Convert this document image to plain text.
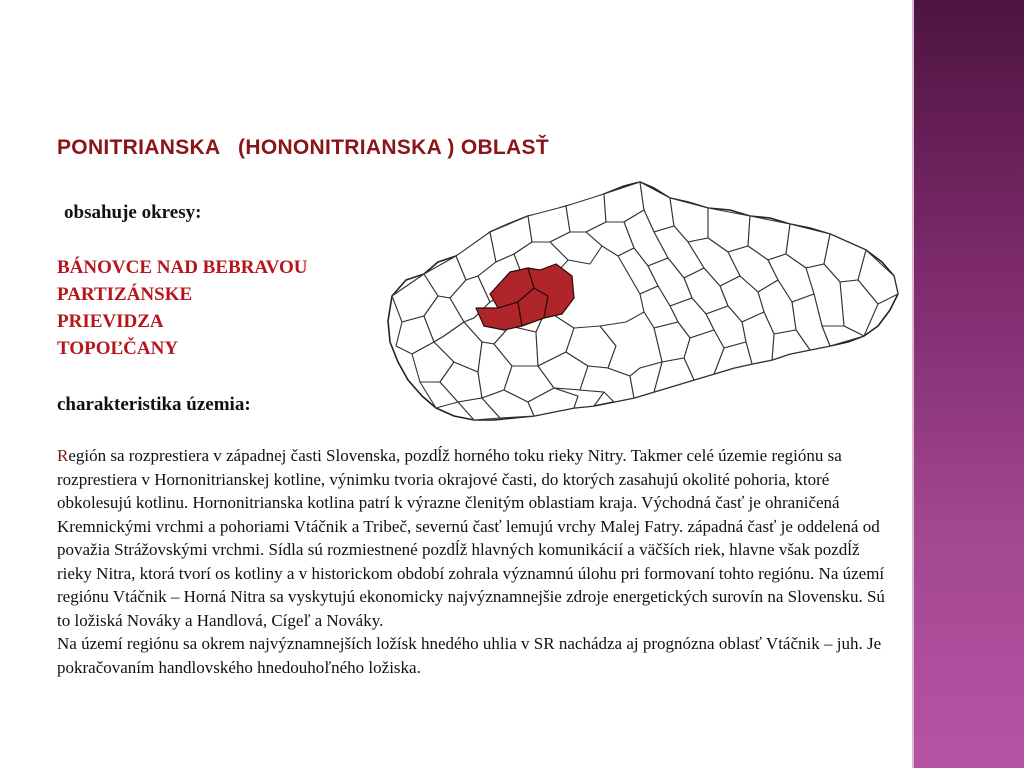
PONITRIANSKA   (HONONITRIANSKA ) OBLASŤ
obsahuje okresy:
BÁNOVCE NAD BEBRAVOU
PARTIZÁNSKE
PRIEVIDZA
TOPOĽČANY
charakteristika územia:

Región sa rozprestiera v západnej časti Slovenska, pozdĺž horného toku rieky Nitry. Takmer celé územie regiónu sa rozprestiera v Hornonitrianskej kotline, výnimku tvoria okrajové časti, do ktorých zasahujú okolité pohoria, ktoré obkolesujú kotlinu. Hornonitrianska kotlina patrí k výrazne členitým oblastiam kraja. Východná časť je ohraničená Kremnickými vrchmi a pohoriami Vtáčnik a Tribeč, severnú časť lemujú vrchy Malej Fatry. západná časť je oddelená od považia Strážovskými vrchmi. Sídla sú rozmiestnené pozdĺž hlavných komunikácií a väčších riek, hlavne však pozdĺž rieky Nitra, ktorá tvorí os kotliny a v historickom období zohrala významnú úlohu pri formovaní tohto regiónu. Na území regiónu Vtáčnik – Horná Nitra sa vyskytujú ekonomicky najvýznamnejšie zdroje energetických surovín na Slovensku. Sú to ložiská Nováky a Handlová, Cígeľ a Nováky.

Na území regiónu sa okrem najvýznamnejších ložísk hnedého uhlia v SR nachádza aj prognózna oblasť Vtáčnik – juh. Je pokračovaním handlovského hnedouhoľného ložiska.
